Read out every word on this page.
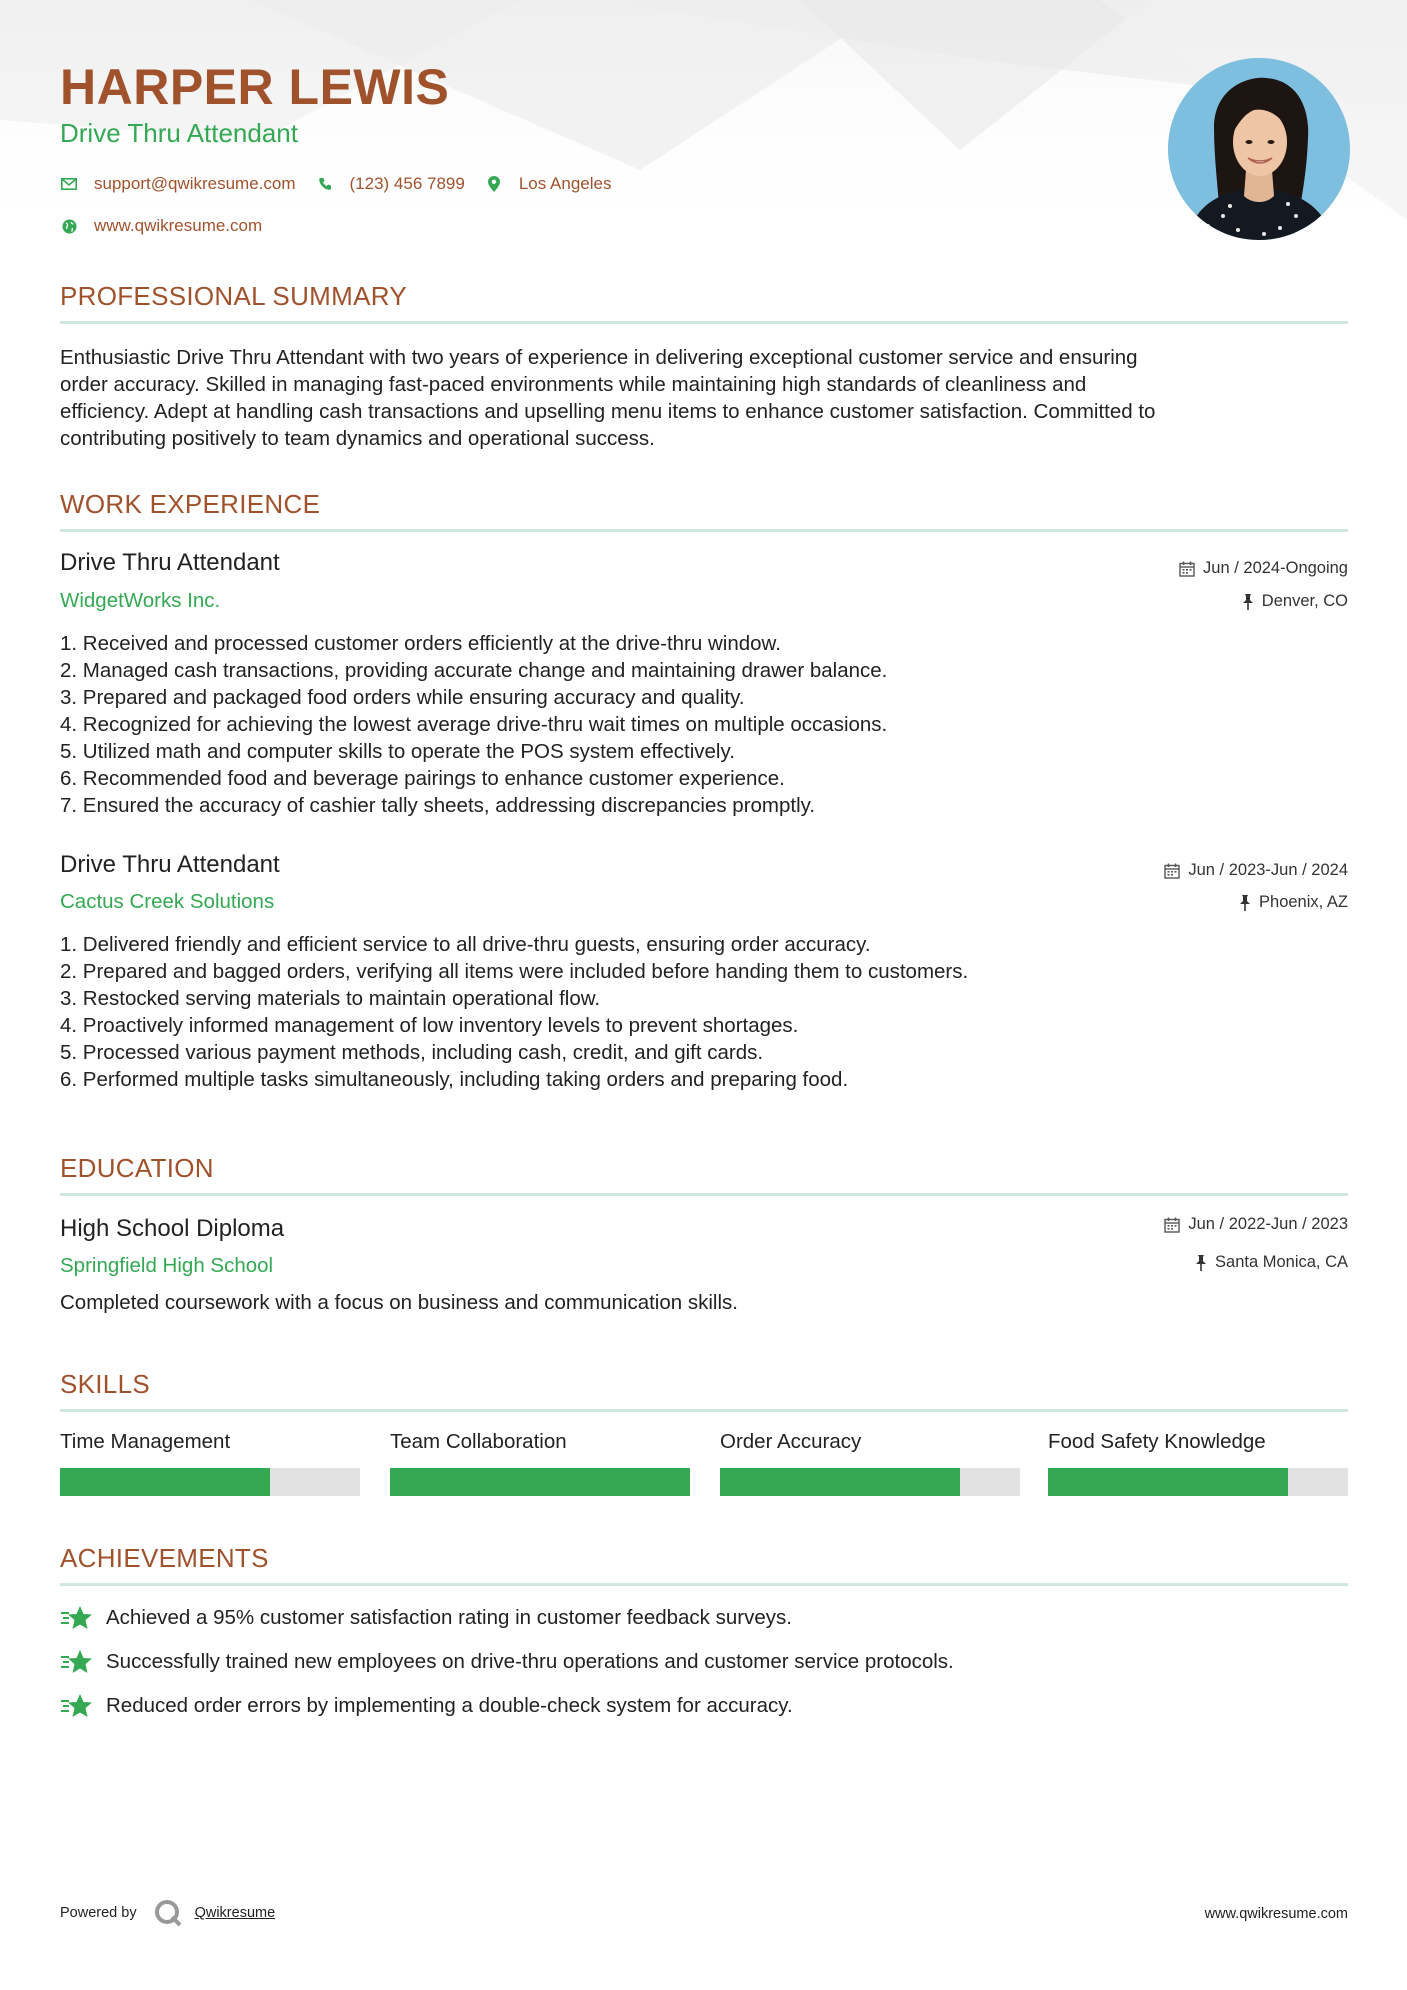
HARPER LEWIS
Drive Thru Attendant
support@qwikresume.com	(123) 456 7899	Los Angeles
www.qwikresume.com
PROFESSIONAL SUMMARY
Enthusiastic Drive Thru Attendant with two years of experience in delivering exceptional customer service and ensuring
order accuracy. Skilled in managing fast-paced environments while maintaining high standards of cleanliness and
efficiency. Adept at handling cash transactions and upselling menu items to enhance customer satisfaction. Committed to
contributing positively to team dynamics and operational success.
WORK EXPERIENCE
Drive Thru Attendant
WidgetWorks Inc.
Jun / 2024-Ongoing
Denver, CO
1. Received and processed customer orders efficiently at the drive-thru window.
2. Managed cash transactions, providing accurate change and maintaining drawer balance.
3. Prepared and packaged food orders while ensuring accuracy and quality.
4. Recognized for achieving the lowest average drive-thru wait times on multiple occasions.
5. Utilized math and computer skills to operate the POS system effectively.
6. Recommended food and beverage pairings to enhance customer experience.
7. Ensured the accuracy of cashier tally sheets, addressing discrepancies promptly.
Drive Thru Attendant
Cactus Creek Solutions
Jun / 2023-Jun / 2024
Phoenix, AZ
1. Delivered friendly and efficient service to all drive-thru guests, ensuring order accuracy.
2. Prepared and bagged orders, verifying all items were included before handing them to customers.
3. Restocked serving materials to maintain operational flow.
4. Proactively informed management of low inventory levels to prevent shortages.
5. Processed various payment methods, including cash, credit, and gift cards.
6. Performed multiple tasks simultaneously, including taking orders and preparing food.
EDUCATION
High School Diploma
Springfield High School
Jun / 2022-Jun / 2023
Santa Monica, CA
Completed coursework with a focus on business and communication skills.
SKILLS
Time Management	Team Collaboration	Order Accuracy	Food Safety Knowledge
ACHIEVEMENTS
Achieved a 95% customer satisfaction rating in customer feedback surveys.
Successfully trained new employees on drive-thru operations and customer service protocols.
Reduced order errors by implementing a double-check system for accuracy.
Powered by	Qwikresume	www.qwikresume.com
